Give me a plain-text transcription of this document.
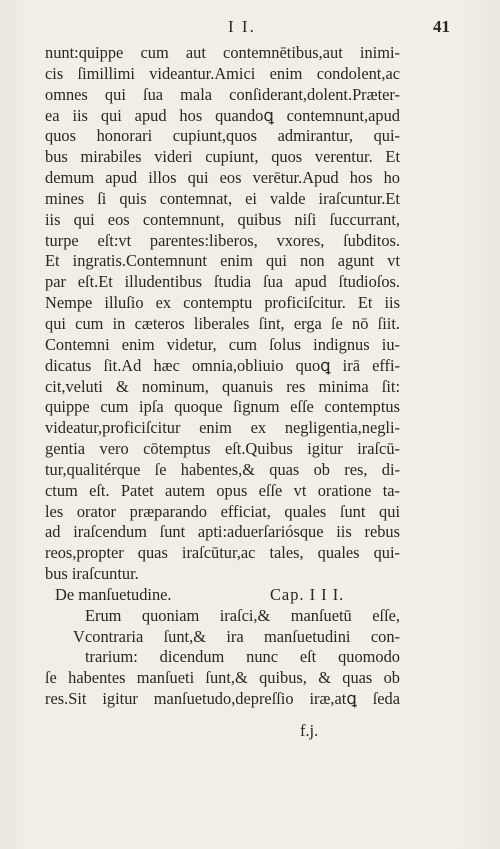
I I.	41
nunt:quippe cum aut contemnētibus,aut inimi-
cis ſimillimi videantur.Amici enim condolent,ac
omnes qui ſua mala conſiderant,dolent.Præter-
ea iis qui apud hos quandoꝗ contemnunt,apud
quos honorari cupiunt,quos admirantur, qui-
bus mirabiles videri cupiunt, quos verentur. Et
demum apud illos qui eos verētur.Apud hos ho
mines ſi quis contemnat, ei valde iraſcuntur.Et
iis qui eos contemnunt, quibus niſi ſuccurrant,
turpe eſt:vt parentes:liberos, vxores, ſubditos.
Et ingratis.Contemnunt enim qui non agunt vt
par eſt.Et illudentibus ſtudia ſua apud ſtudioſos.
Nempe illuſio ex contemptu proficiſcitur. Et iis
qui cum in cæteros liberales ſint, erga ſe nō ſiit.
Contemni enim videtur, cum ſolus indignus iu-
dicatus ſit.Ad hæc omnia,obliuio quoꝗ irā effi-
cit,veluti & nominum, quanuis res minima ſit:
quippe cum ipſa quoque ſignum eſſe contemptus
videatur,proficiſcitur enim ex negligentia,negli-
gentia vero cōtemptus eſt.Quibus igitur iraſcū-
tur,qualitérque ſe habentes,& quas ob res, di-
ctum eſt. Patet autem opus eſſe vt oratione ta-
les orator præparando efficiat, quales ſunt qui
ad iraſcendum ſunt apti:aduerſariósque iis rebus
reos,propter quas iraſcūtur,ac tales, quales qui-
bus iraſcuntur.
De manſuetudine.	Cap. I I I.
Erum quoniam iraſci,& manſuetū eſſe,
V contraria ſunt,& ira manſuetudini con-
trarium: dicendum nunc eſt quomodo
ſe habentes manſueti ſunt,& quibus, & quas ob
res.Sit igitur manſuetudo,depreſſio iræ,atꝗ ſeda
f.j.
